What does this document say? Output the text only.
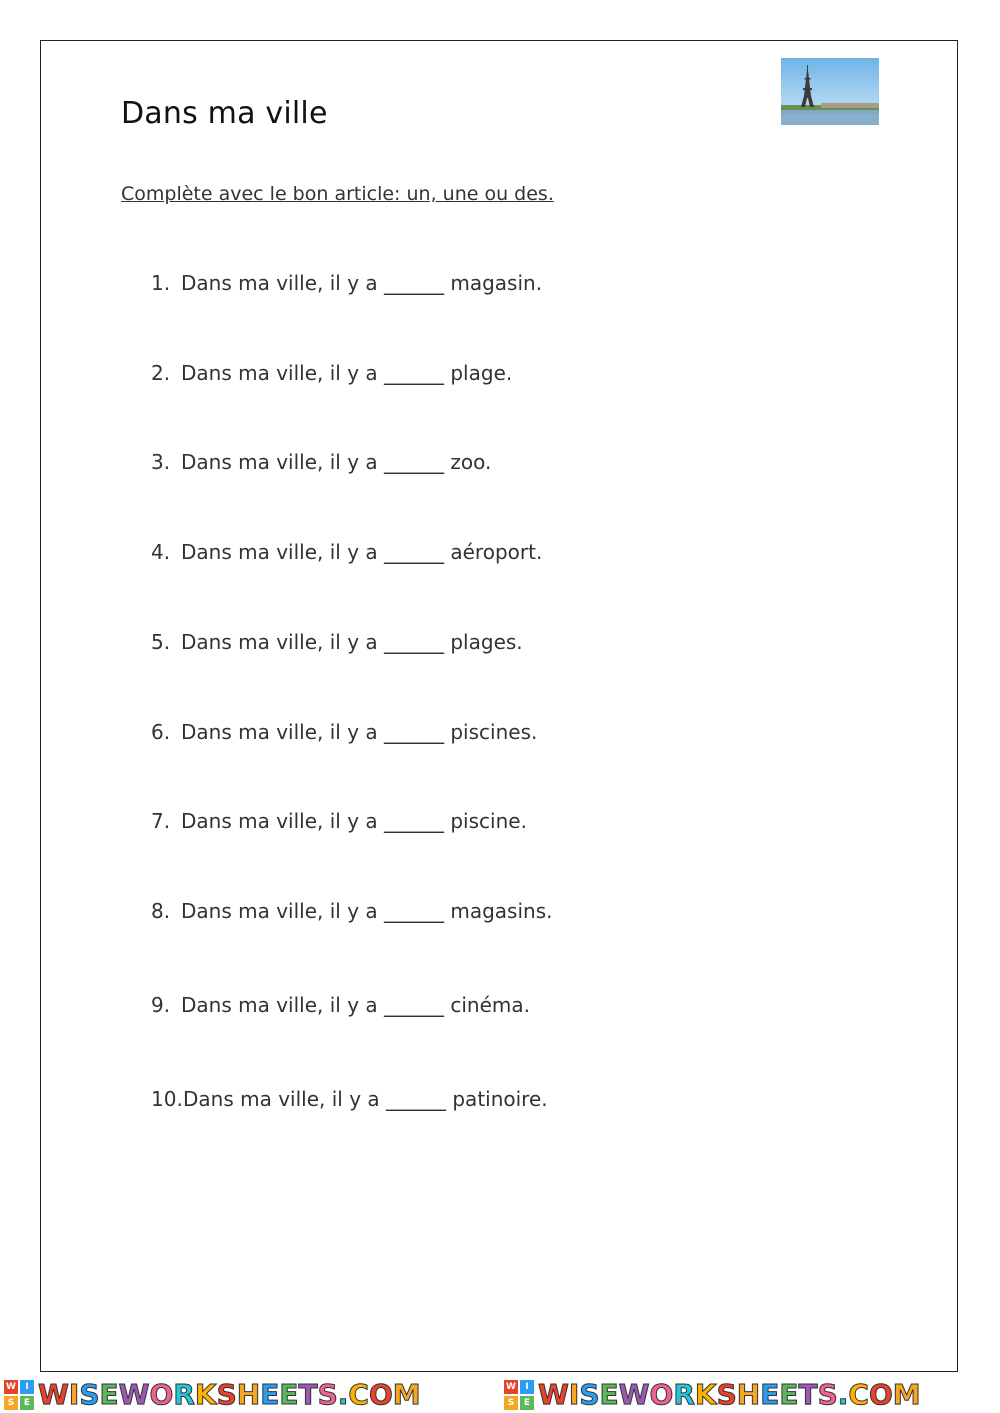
Dans ma ville
Complète avec le bon article: un, une ou des.
1. Dans ma ville, il y a ______ magasin.
2. Dans ma ville, il y a ______ plage.
3. Dans ma ville, il y a ______ zoo.
4. Dans ma ville, il y a ______ aéroport.
5. Dans ma ville, il y a ______ plages.
6. Dans ma ville, il y a ______ piscines.
7. Dans ma ville, il y a ______ piscine.
8. Dans ma ville, il y a ______ magasins.
9. Dans ma ville, il y a ______ cinéma.
10.Dans ma ville, il y a ______ patinoire.
W	I
S	E WISEWORKSHEETS.COM	W	I
S	E WISEWORKSHEETS.COM
